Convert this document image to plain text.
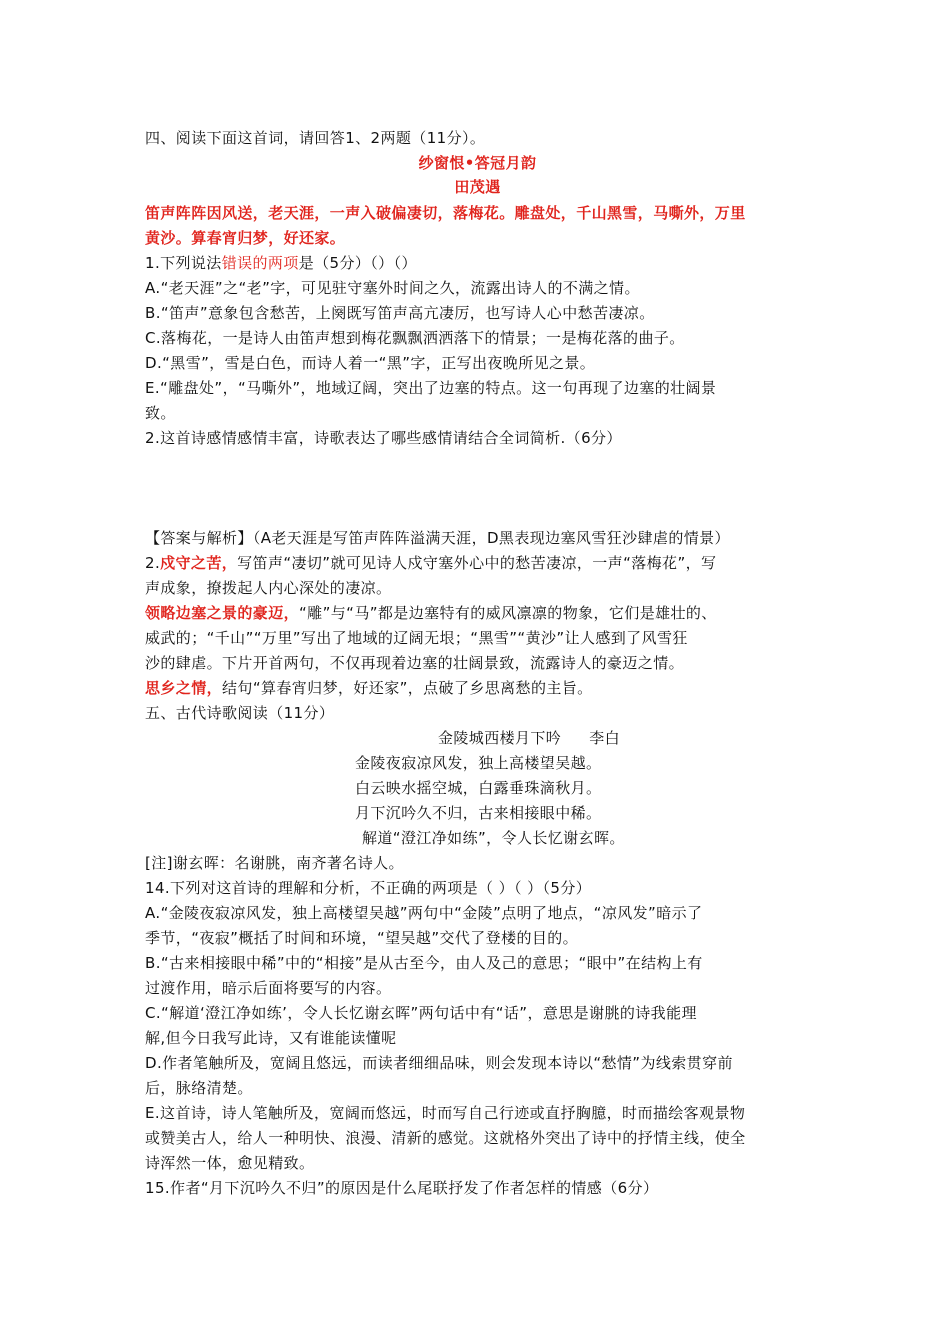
四、阅读下面这首词，请回答1、2两题（11分）。
纱窗恨•答冠月韵
田茂遇
笛声阵阵因风送，老天涯，一声入破偏凄切，落梅花。雕盘处，千山黑雪，马嘶外，万里
黄沙。算春宵归梦，好还家。
1.下列说法错误的两项是（5分）（）（）
A.“老天涯”之“老”字，可见驻守塞外时间之久，流露出诗人的不满之情。
B.“笛声”意象包含愁苦，上阕既写笛声高亢凄厉，也写诗人心中愁苦凄凉。
C.落梅花，一是诗人由笛声想到梅花飘飘洒洒落下的情景；一是梅花落的曲子。
D.“黑雪”，雪是白色，而诗人着一“黑”字，正写出夜晚所见之景。
E.“雕盘处”，“马嘶外”，地域辽阔，突出了边塞的特点。这一句再现了边塞的壮阔景
致。
2.这首诗感情感情丰富，诗歌表达了哪些感情请结合全词简析.（6分）
【答案与解析】（A老天涯是写笛声阵阵溢满天涯，D黑表现边塞风雪狂沙肆虐的情景）
2.戍守之苦，写笛声“凄切”就可见诗人戍守塞外心中的愁苦凄凉，一声“落梅花”，写
声成象，撩拨起人内心深处的凄凉。
领略边塞之景的豪迈，“雕”与“马”都是边塞特有的威风凛凛的物象，它们是雄壮的、
威武的；“千山”“万里”写出了地域的辽阔无垠；“黑雪”“黄沙”让人感到了风雪狂
沙的肆虐。下片开首两句，不仅再现着边塞的壮阔景致，流露诗人的豪迈之情。
思乡之情，结句“算春宵归梦，好还家”，点破了乡思离愁的主旨。
五、古代诗歌阅读（11分）
金陵城西楼月下吟 李白
金陵夜寂凉风发，独上高楼望吴越。
白云映水摇空城，白露垂珠滴秋月。
月下沉吟久不归，古来相接眼中稀。
解道“澄江净如练”，令人长忆谢玄晖。
[注]谢玄晖：名谢朓，南齐著名诗人。
14.下列对这首诗的理解和分析，不正确的两项是（ ）（ ）（5分）
A.“金陵夜寂凉风发，独上高楼望吴越”两句中“金陵”点明了地点，“凉风发”暗示了
季节，“夜寂”概括了时间和环境，“望吴越”交代了登楼的目的。
B.“古来相接眼中稀”中的“相接”是从古至今，由人及己的意思；“眼中”在结构上有
过渡作用，暗示后面将要写的内容。
C.“解道‘澄江净如练’，令人长忆谢玄晖”两句话中有“话”，意思是谢朓的诗我能理
解,但今日我写此诗，又有谁能读懂呢
D.作者笔触所及，宽阔且悠远，而读者细细品味，则会发现本诗以“愁情”为线索贯穿前
后，脉络清楚。
E.这首诗，诗人笔触所及，宽阔而悠远，时而写自己行迹或直抒胸臆，时而描绘客观景物
或赞美古人，给人一种明快、浪漫、清新的感觉。这就格外突出了诗中的抒情主线，使全
诗浑然一体，愈见精致。
15.作者“月下沉吟久不归”的原因是什么尾联抒发了作者怎样的情感（6分）
